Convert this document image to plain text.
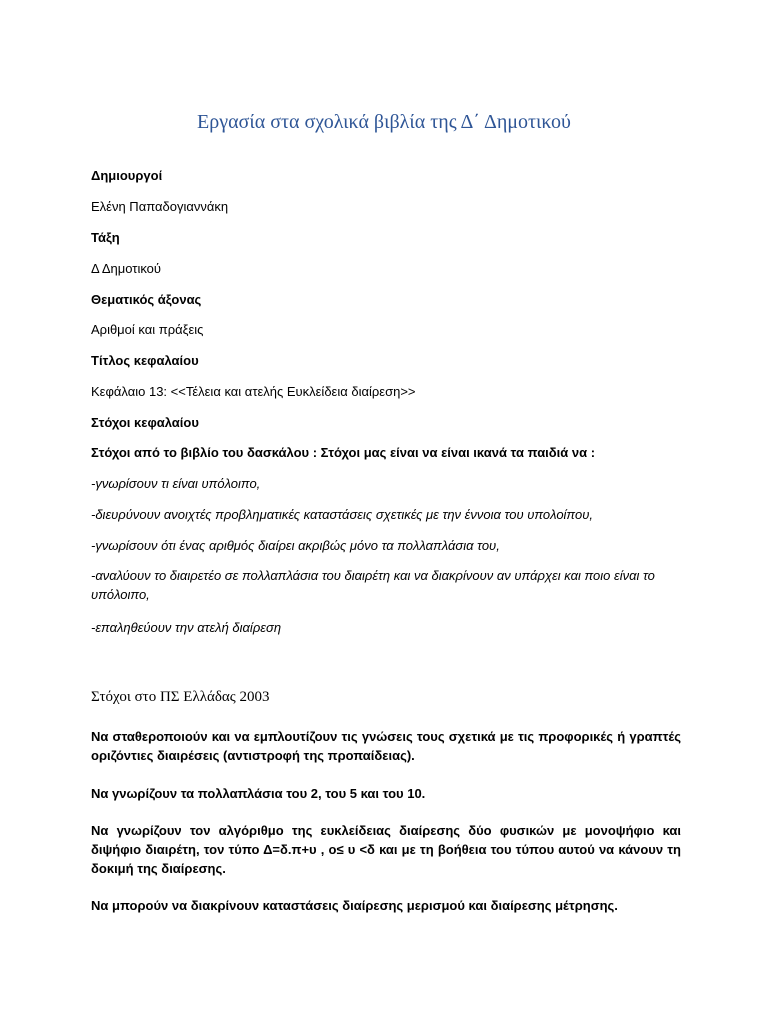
Εργασία στα σχολικά βιβλία της Δ΄ Δημοτικού
Δημιουργοί
Ελένη Παπαδογιαννάκη
Τάξη
Δ Δημοτικού
Θεματικός άξονας
Αριθμοί και πράξεις
Τίτλος κεφαλαίου
Κεφάλαιο 13: <<Τέλεια και ατελής Ευκλείδεια διαίρεση>>
Στόχοι κεφαλαίου
Στόχοι από το βιβλίο του δασκάλου : Στόχοι μας είναι να είναι ικανά τα παιδιά να :
-γνωρίσουν τι είναι υπόλοιπο,
-διευρύνουν ανοιχτές προβληματικές καταστάσεις σχετικές με την έννοια του υπολοίπου,
-γνωρίσουν ότι ένας αριθμός διαίρει ακριβώς μόνο τα πολλαπλάσια του,
-αναλύουν το διαιρετέο σε πολλαπλάσια του διαιρέτη και να διακρίνουν αν υπάρχει και ποιο είναι το υπόλοιπο,
-επαληθεύουν την ατελή διαίρεση
Στόχοι στο ΠΣ Ελλάδας 2003
Να σταθεροποιούν και να εμπλουτίζουν τις γνώσεις τους σχετικά με τις προφορικές ή γραπτές οριζόντιες διαιρέσεις (αντιστροφή της προπαίδειας).
Να γνωρίζουν τα πολλαπλάσια του 2, του 5 και του 10.
Να γνωρίζουν τον αλγόριθμο της ευκλείδειας διαίρεσης δύο φυσικών με μονοψήφιο και διψήφιο διαιρέτη, τον τύπο Δ=δ.π+υ , ο≤ υ <δ και με τη βοήθεια του τύπου αυτού να κάνουν τη δοκιμή της διαίρεσης.
Να μπορούν να διακρίνουν καταστάσεις διαίρεσης μερισμού και διαίρεσης μέτρησης.
